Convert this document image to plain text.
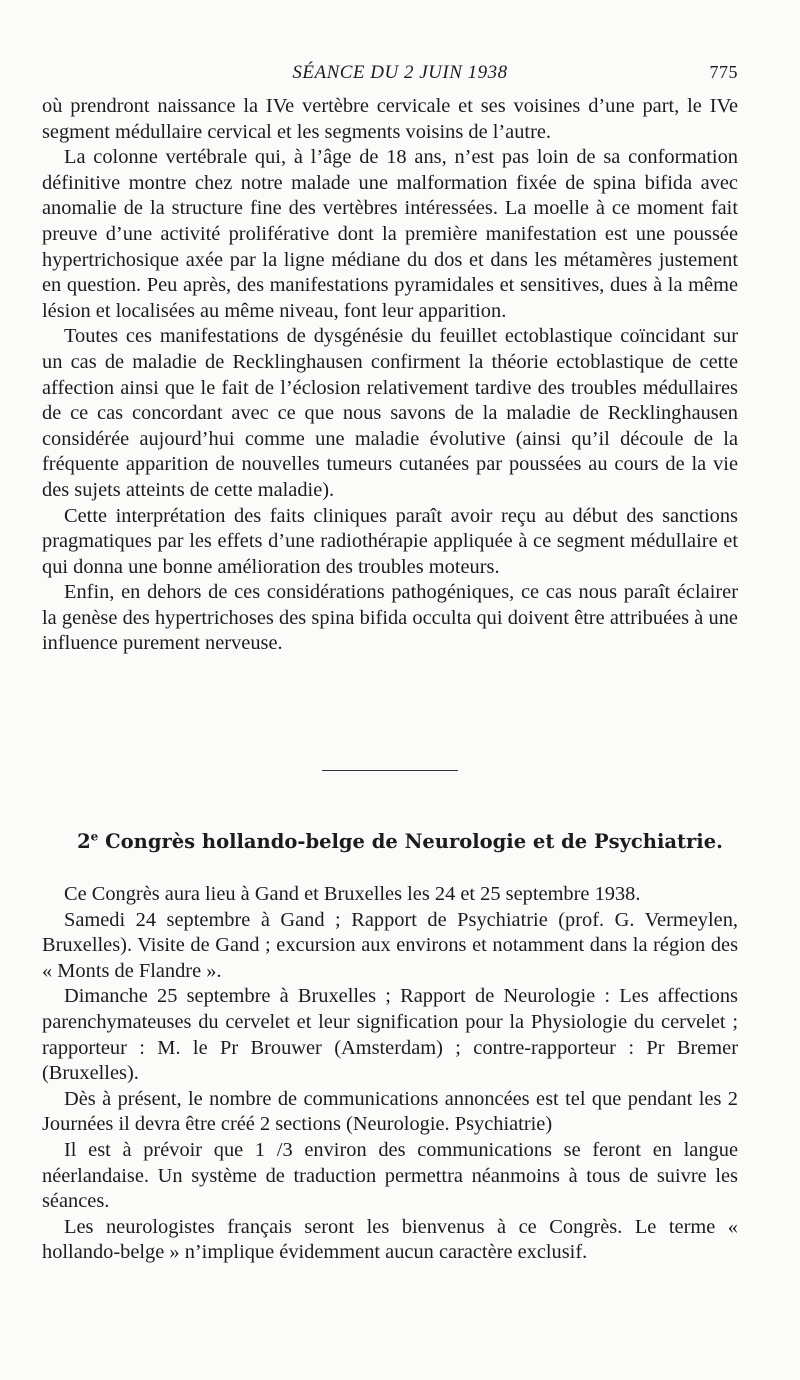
SÉANCE DU 2 JUIN 1938	775

où prendront naissance la IVe vertèbre cervicale et ses voisines d’une part, le IVe segment médullaire cervical et les segments voisins de l’autre.

La colonne vertébrale qui, à l’âge de 18 ans, n’est pas loin de sa conformation définitive montre chez notre malade une malformation fixée de spina bifida avec anomalie de la structure fine des vertèbres intéressées. La moelle à ce moment fait preuve d’une activité proliférative dont la première manifestation est une poussée hypertrichosique axée par la ligne médiane du dos et dans les métamères justement en question. Peu après, des manifestations pyramidales et sensitives, dues à la même lésion et localisées au même niveau, font leur apparition.

Toutes ces manifestations de dysgénésie du feuillet ectoblastique coïncidant sur un cas de maladie de Recklinghausen confirment la théorie ectoblastique de cette affection ainsi que le fait de l’éclosion relativement tardive des troubles médullaires de ce cas concordant avec ce que nous savons de la maladie de Recklinghausen considérée aujourd’hui comme une maladie évolutive (ainsi qu’il découle de la fréquente apparition de nouvelles tumeurs cutanées par poussées au cours de la vie des sujets atteints de cette maladie).

Cette interprétation des faits cliniques paraît avoir reçu au début des sanctions pragmatiques par les effets d’une radiothérapie appliquée à ce segment médullaire et qui donna une bonne amélioration des troubles moteurs.

Enfin, en dehors de ces considérations pathogéniques, ce cas nous paraît éclairer la genèse des hypertrichoses des spina bifida occulta qui doivent être attribuées à une influence purement nerveuse.

2e Congrès hollando-belge de Neurologie et de Psychiatrie.

Ce Congrès aura lieu à Gand et Bruxelles les 24 et 25 septembre 1938.

Samedi 24 septembre à Gand ; Rapport de Psychiatrie (prof. G. Vermeylen, Bruxelles). Visite de Gand ; excursion aux environs et notamment dans la région des « Monts de Flandre ».

Dimanche 25 septembre à Bruxelles ; Rapport de Neurologie : Les affections parenchymateuses du cervelet et leur signification pour la Physiologie du cervelet ; rapporteur : M. le Pr Brouwer (Amsterdam) ; contre-rapporteur : Pr Bremer (Bruxelles).

Dès à présent, le nombre de communications annoncées est tel que pendant les 2 Journées il devra être créé 2 sections (Neurologie. Psychiatrie)

Il est à prévoir que 1 /3 environ des communications se feront en langue néerlandaise. Un système de traduction permettra néanmoins à tous de suivre les séances.

Les neurologistes français seront les bienvenus à ce Congrès. Le terme « hollando-belge » n’implique évidemment aucun caractère exclusif.
